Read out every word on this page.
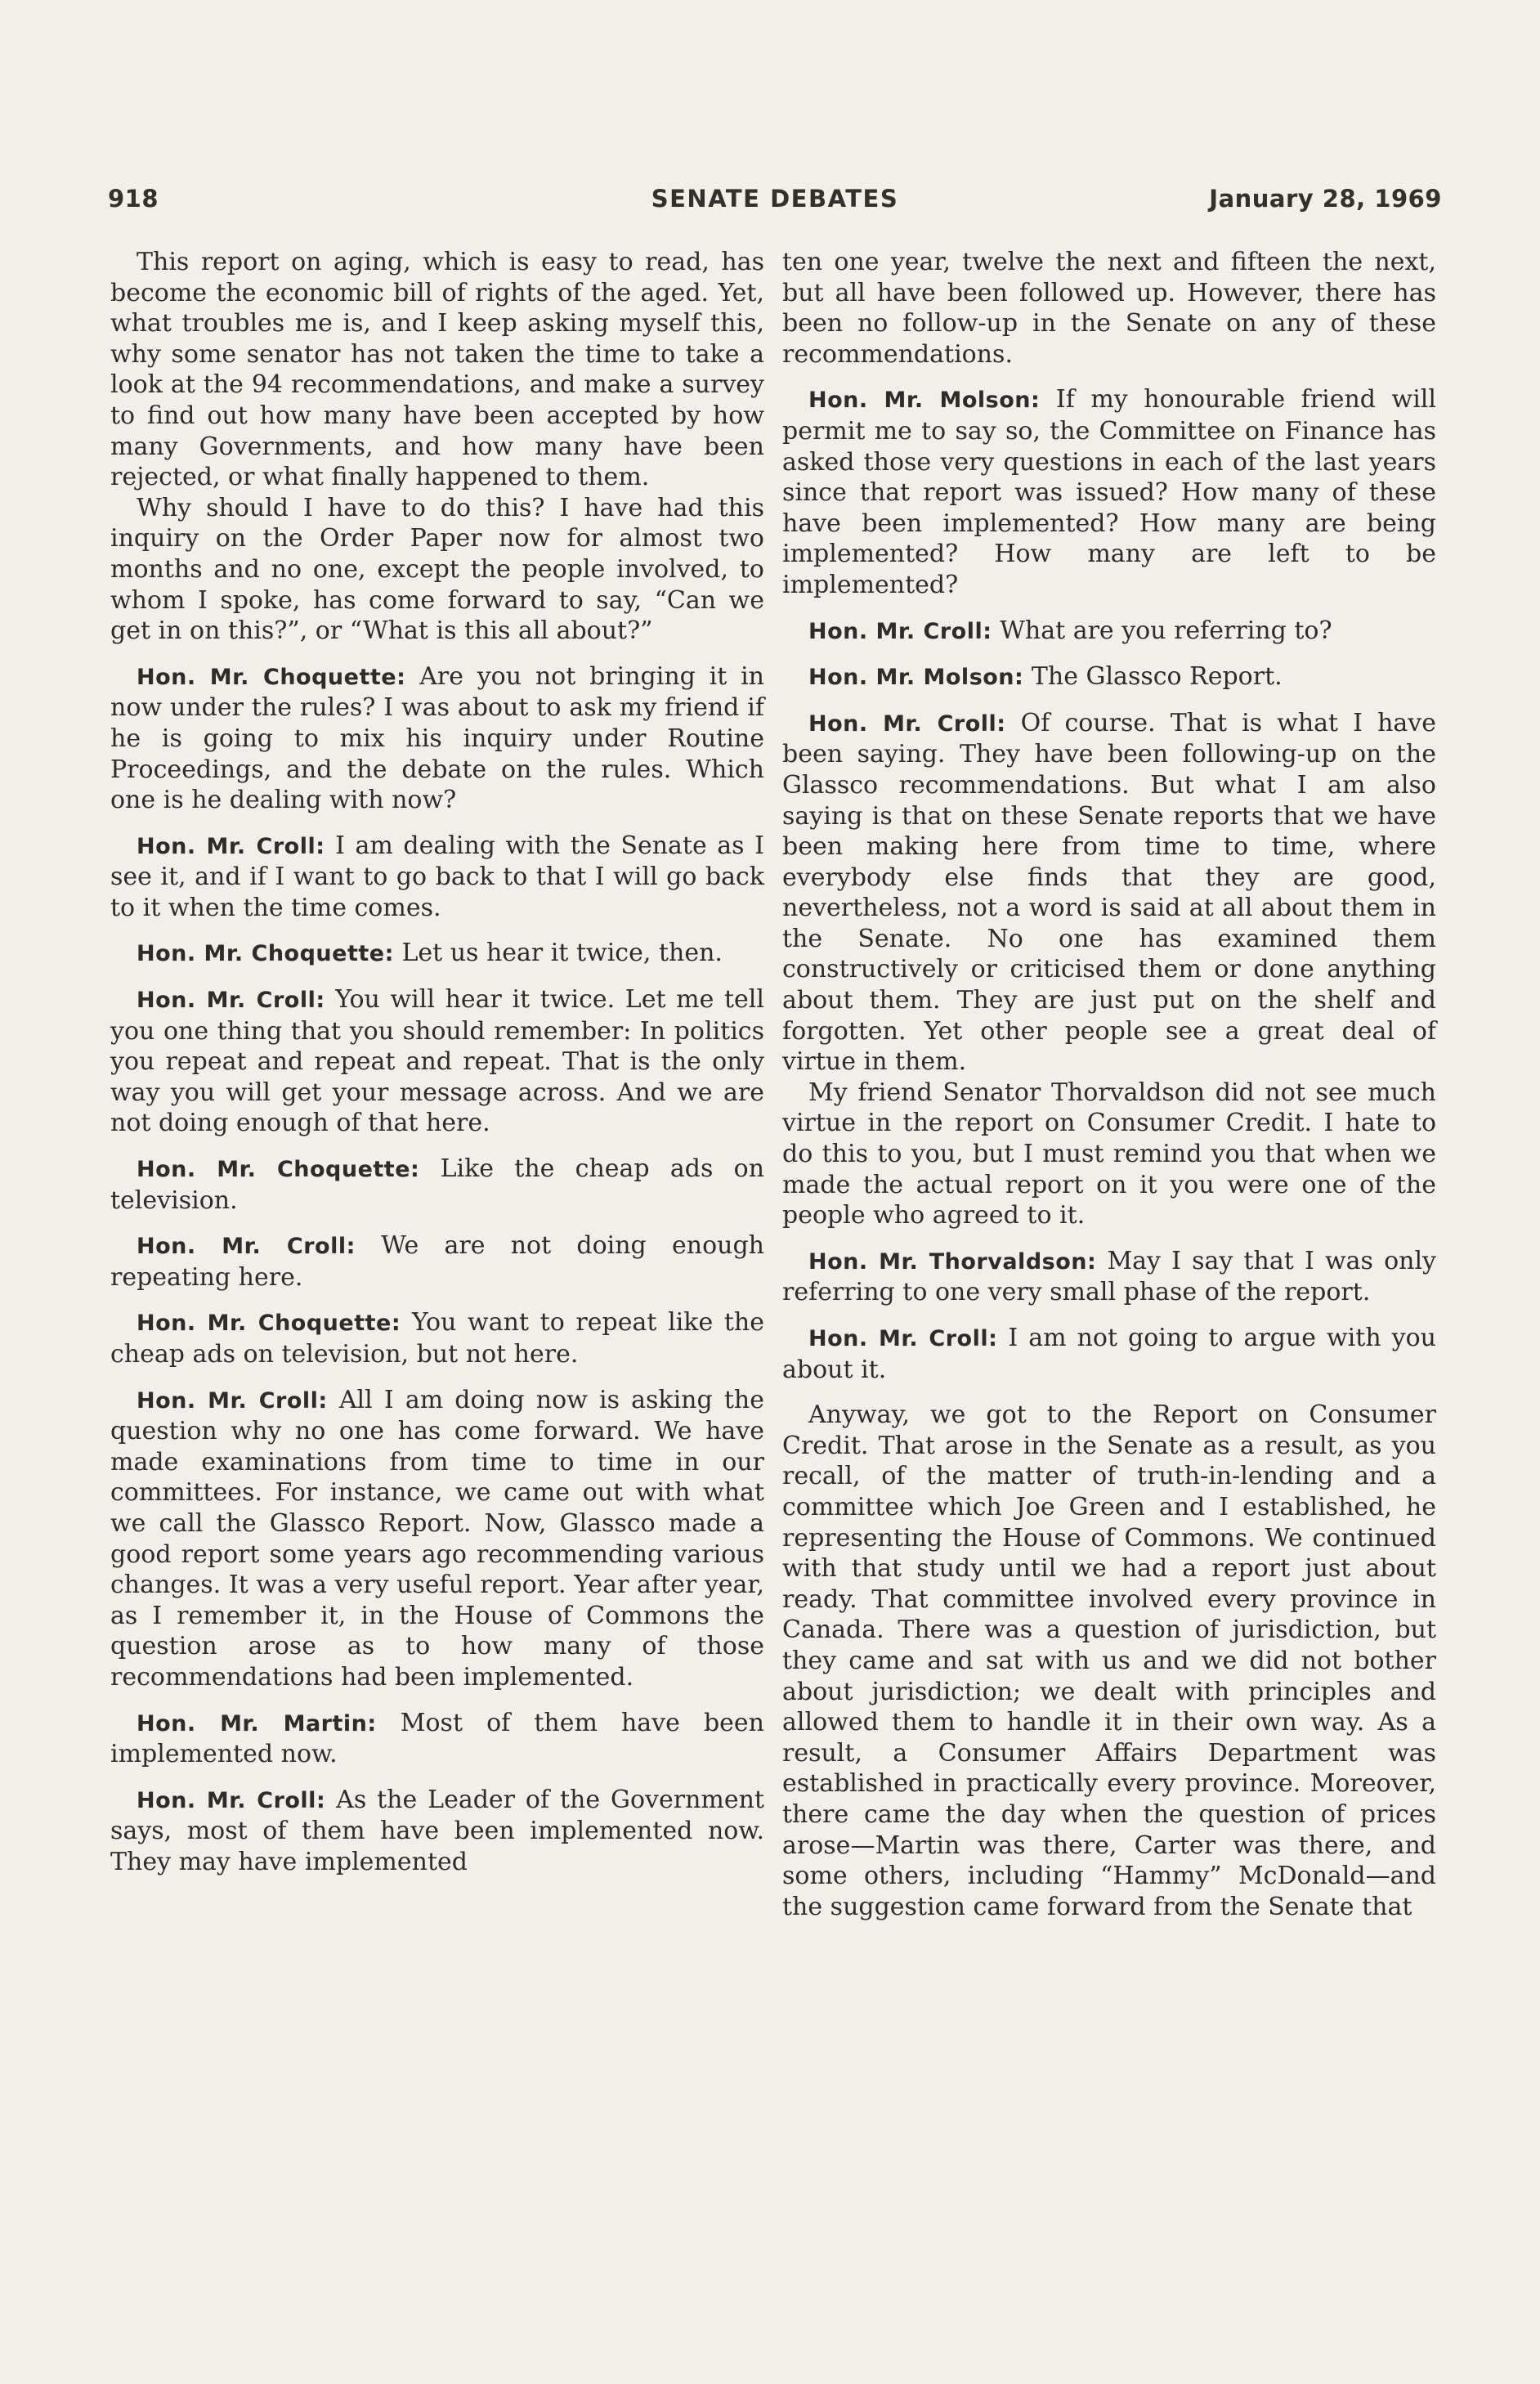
918	SENATE DEBATES	January 28, 1969

This report on aging, which is easy to read, has become the economic bill of rights of the aged. Yet, what troubles me is, and I keep asking myself this, why some senator has not taken the time to take a look at the 94 recommendations, and make a survey to find out how many have been accepted by how many Governments, and how many have been rejected, or what finally happened to them.

Why should I have to do this? I have had this inquiry on the Order Paper now for almost two months and no one, except the people involved, to whom I spoke, has come forward to say, “Can we get in on this?”, or “What is this all about?”

Hon. Mr. Choquette: Are you not bringing it in now under the rules? I was about to ask my friend if he is going to mix his inquiry under Routine Proceedings, and the debate on the rules. Which one is he dealing with now?

Hon. Mr. Croll: I am dealing with the Senate as I see it, and if I want to go back to that I will go back to it when the time comes.

Hon. Mr. Choquette: Let us hear it twice, then.

Hon. Mr. Croll: You will hear it twice. Let me tell you one thing that you should remember: In politics you repeat and repeat and repeat. That is the only way you will get your message across. And we are not doing enough of that here.

Hon. Mr. Choquette: Like the cheap ads on television.

Hon. Mr. Croll: We are not doing enough repeating here.

Hon. Mr. Choquette: You want to repeat like the cheap ads on television, but not here.

Hon. Mr. Croll: All I am doing now is asking the question why no one has come forward. We have made examinations from time to time in our committees. For instance, we came out with what we call the Glassco Report. Now, Glassco made a good report some years ago recommending various changes. It was a very useful report. Year after year, as I remember it, in the House of Commons the question arose as to how many of those recommendations had been implemented.

Hon. Mr. Martin: Most of them have been implemented now.

Hon. Mr. Croll: As the Leader of the Government says, most of them have been implemented now. They may have implemented

ten one year, twelve the next and fifteen the next, but all have been followed up. However, there has been no follow-up in the Senate on any of these recommendations.

Hon. Mr. Molson: If my honourable friend will permit me to say so, the Committee on Finance has asked those very questions in each of the last years since that report was issued? How many of these have been implemented? How many are being implemented? How many are left to be implemented?

Hon. Mr. Croll: What are you referring to?

Hon. Mr. Molson: The Glassco Report.

Hon. Mr. Croll: Of course. That is what I have been saying. They have been following-up on the Glassco recommendations. But what I am also saying is that on these Senate reports that we have been making here from time to time, where everybody else finds that they are good, nevertheless, not a word is said at all about them in the Senate. No one has examined them constructively or criticised them or done anything about them. They are just put on the shelf and forgotten. Yet other people see a great deal of virtue in them.

My friend Senator Thorvaldson did not see much virtue in the report on Consumer Credit. I hate to do this to you, but I must remind you that when we made the actual report on it you were one of the people who agreed to it.

Hon. Mr. Thorvaldson: May I say that I was only referring to one very small phase of the report.

Hon. Mr. Croll: I am not going to argue with you about it.

Anyway, we got to the Report on Consumer Credit. That arose in the Senate as a result, as you recall, of the matter of truth-in-lending and a committee which Joe Green and I established, he representing the House of Commons. We continued with that study until we had a report just about ready. That committee involved every province in Canada. There was a question of jurisdiction, but they came and sat with us and we did not bother about jurisdiction; we dealt with principles and allowed them to handle it in their own way. As a result, a Consumer Affairs Department was established in practically every province. Moreover, there came the day when the question of prices arose—Martin was there, Carter was there, and some others, including “Hammy” McDonald—and the suggestion came forward from the Senate that
